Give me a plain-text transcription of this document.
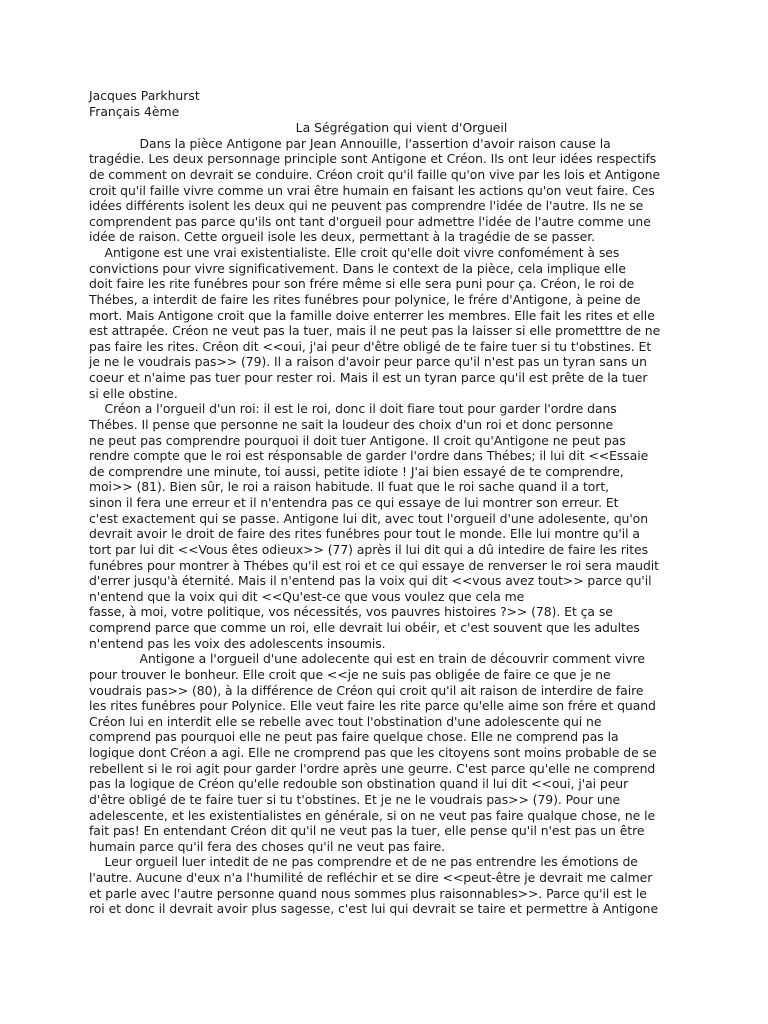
Jacques Parkhurst
Français 4ème
La Ségrégation qui vient d'Orgueil
Dans la pièce Antigone par Jean Annouille, l'assertion d'avoir raison cause la
tragédie. Les deux personnage principle sont Antigone et Créon. Ils ont leur idées respectifs
de comment on devrait se conduire. Créon croit qu'il faille qu'on vive par les lois et Antigone
croit qu'il faille vivre comme un vrai être humain en faisant les actions qu'on veut faire. Ces
idées différents isolent les deux qui ne peuvent pas comprendre l'idée de l'autre. Ils ne se
comprendent pas parce qu'ils ont tant d'orgueil pour admettre l'idée de l'autre comme une
idée de raison. Cette orgueil isole les deux, permettant à la tragédie de se passer.
Antigone est une vrai existentialiste. Elle croit qu'elle doit vivre confomément à ses
convictions pour vivre significativement. Dans le context de la pièce, cela implique elle
doit faire les rite funébres pour son frére même si elle sera puni pour ça. Créon, le roi de
Thébes, a interdit de faire les rites funébres pour polynice, le frére d'Antigone, à peine de
mort. Mais Antigone croit que la famille doive enterrer les membres. Elle fait les rites et elle
est attrapée. Créon ne veut pas la tuer, mais il ne peut pas la laisser si elle prometttre de ne
pas faire les rites. Créon dit <<oui, j'ai peur d'être obligé de te faire tuer si tu t'obstines. Et
je ne le voudrais pas>> (79). Il a raison d'avoir peur parce qu'il n'est pas un tyran sans un
coeur et n'aime pas tuer pour rester roi. Mais il est un tyran parce qu'il est prête de la tuer
si elle obstine.
Créon a l'orgueil d'un roi: il est le roi, donc il doit fiare tout pour garder l'ordre dans
Thébes. Il pense que personne ne sait la loudeur des choix d'un roi et donc personne
ne peut pas comprendre pourquoi il doit tuer Antigone. Il croit qu'Antigone ne peut pas
rendre compte que le roi est résponsable de garder l'ordre dans Thébes; il lui dit <<Essaie
de comprendre une minute, toi aussi, petite idiote ! J'ai bien essayé de te comprendre,
moi>> (81). Bien sûr, le roi a raison habitude. Il fuat que le roi sache quand il a tort,
sinon il fera une erreur et il n'entendra pas ce qui essaye de lui montrer son erreur. Et
c'est exactement qui se passe. Antigone lui dit, avec tout l'orgueil d'une adolesente, qu'on
devrait avoir le droit de faire des rites funébres pour tout le monde. Elle lui montre qu'il a
tort par lui dit <<Vous êtes odieux>> (77) après il lui dit qui a dû intedire de faire les rites
funébres pour montrer à Thébes qu'il est roi et ce qui essaye de renverser le roi sera maudit
d'errer jusqu'à éternité. Mais il n'entend pas la voix qui dit <<vous avez tout>> parce qu'il
n'entend que la voix qui dit <<Qu'est-ce que vous voulez que cela me
fasse, à moi, votre politique, vos nécessités, vos pauvres histoires ?>> (78). Et ça se
comprend parce que comme un roi, elle devrait lui obéir, et c'est souvent que les adultes
n'entend pas les voix des adolescents insoumis.
Antigone a l'orgueil d'une adolecente qui est en train de découvrir comment vivre
pour trouver le bonheur. Elle croit que <<je ne suis pas obligée de faire ce que je ne
voudrais pas>> (80), à la différence de Créon qui croit qu'il ait raison de interdire de faire
les rites funébres pour Polynice. Elle veut faire les rite parce qu'elle aime son frére et quand
Créon lui en interdit elle se rebelle avec tout l'obstination d'une adolescente qui ne
comprend pas pourquoi elle ne peut pas faire quelque chose. Elle ne comprend pas la
logique dont Créon a agi. Elle ne cromprend pas que les citoyens sont moins probable de se
rebellent si le roi agit pour garder l'ordre après une geurre. C'est parce qu'elle ne comprend
pas la logique de Créon qu'elle redouble son obstination quand il lui dit <<oui, j'ai peur
d'être obligé de te faire tuer si tu t'obstines. Et je ne le voudrais pas>> (79). Pour une
adelescente, et les existentialistes en générale, si on ne veut pas faire qualque chose, ne le
fait pas! En entendant Créon dit qu'il ne veut pas la tuer, elle pense qu'il n'est pas un être
humain parce qu'il fera des choses qu'il ne veut pas faire.
Leur orgueil luer intedit de ne pas comprendre et de ne pas entrendre les émotions de
l'autre. Aucune d'eux n'a l'humilité de refléchir et se dire <<peut-être je devrait me calmer
et parle avec l'autre personne quand nous sommes plus raisonnables>>. Parce qu'il est le
roi et donc il devrait avoir plus sagesse, c'est lui qui devrait se taire et permettre à Antigone
